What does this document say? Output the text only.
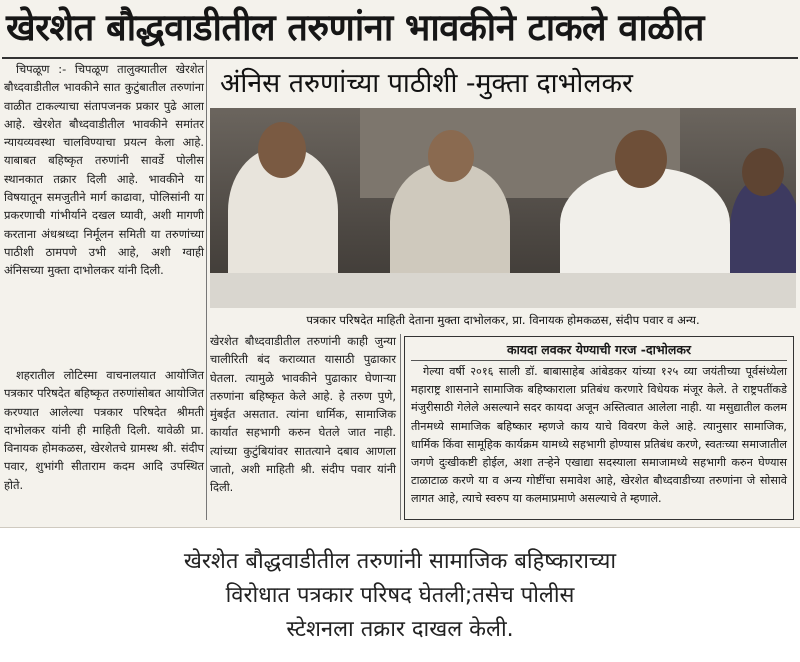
खेरशेत बौद्धवाडीतील तरुणांना भावकीने टाकले वाळीत

चिपळूण :- चिपळूण तालुक्यातील खेरशेत बौध्दवाडीतील भावकीने सात कुटुंबातील तरुणांना वाळीत टाकल्याचा संतापजनक प्रकार पुढे आला आहे. खेरशेत बौध्दवाडीतील भावकीने समांतर न्यायव्यवस्था चालविण्याचा प्रयत्न केला आहे. याबाबत बहिष्कृत तरुणांनी सावर्डे पोलीस स्थानकात तक्रार दिली आहे. भावकीने या विषयातून समजुतीने मार्ग काढावा, पोलिसांनी या प्रकरणाची गांभीर्याने दखल घ्यावी, अशी मागणी करताना अंधश्रध्दा निर्मूलन समिती या तरुणांच्या पाठीशी ठामपणे उभी आहे, अशी ग्वाही अंनिसच्या मुक्ता दाभोलकर यांनी दिली.

शहरातील लोटिस्मा वाचनालयात आयोजित पत्रकार परिषदेत बहिष्कृत तरुणांसोबत आयोजित करण्यात आलेल्या पत्रकार परिषदेत श्रीमती दाभोलकर यांनी ही माहिती दिली. यावेळी प्रा. विनायक होमकळस, खेरशेतचे ग्रामस्थ श्री. संदीप पवार, शुभांगी सीताराम कदम आदि उपस्थित होते.

अंनिस तरुणांच्या पाठीशी -मुक्ता दाभोलकर
पत्रकार परिषदेत माहिती देताना मुक्ता दाभोलकर, प्रा. विनायक होमकळस, संदीप पवार व अन्य.

खेरशेत बौध्दवाडीतील तरुणांनी काही जुन्या चालीरिती बंद कराव्यात यासाठी पुढाकार घेतला. त्यामुळे भावकीने पुढाकार घेणाऱ्या तरुणांना बहिष्कृत केले आहे. हे तरुण पुणे, मुंबईत असतात. त्यांना धार्मिक, सामाजिक कार्यात सहभागी करुन घेतले जात नाही. त्यांच्या कुटुंबियांवर सातत्याने दबाव आणला जातो, अशी माहिती श्री. संदीप पवार यांनी दिली.

कायदा लवकर येण्याची गरज -दाभोलकर
गेल्या वर्षी २०१६ साली डॉ. बाबासाहेब आंबेडकर यांच्या १२५ व्या जयंतीच्या पूर्वसंध्येला महाराष्ट्र शासनाने सामाजिक बहिष्काराला प्रतिबंध करणारे विधेयक मंजूर केले. ते राष्ट्रपतींकडे मंजुरीसाठी गेलेले असल्याने सदर कायदा अजून अस्तित्वात आलेला नाही. या मसुद्यातील कलम तीनमध्ये सामाजिक बहिष्कार म्हणजे काय याचे विवरण केले आहे. त्यानुसार सामाजिक, धार्मिक किंवा सामूहिक कार्यक्रम यामध्ये सहभागी होण्यास प्रतिबंध करणे, स्वतःच्या समाजातील जगणे दुःखीकष्टी होईल, अशा तऱ्हेने एखाद्या सदस्याला समाजामध्ये सहभागी करुन घेण्यास टाळाटाळ करणे या व अन्य गोष्टींचा समावेश आहे, खेरशेत बौध्दवाडीच्या तरुणांना जे सोसावे लागत आहे, त्याचे स्वरुप या कलमाप्रमाणे असल्याचे ते म्हणाले.
खेरशेत बौद्धवाडीतील तरुणांनी सामाजिक बहिष्काराच्या
विरोधात पत्रकार परिषद घेतली;तसेच पोलीस
स्टेशनला तक्रार दाखल केली.
